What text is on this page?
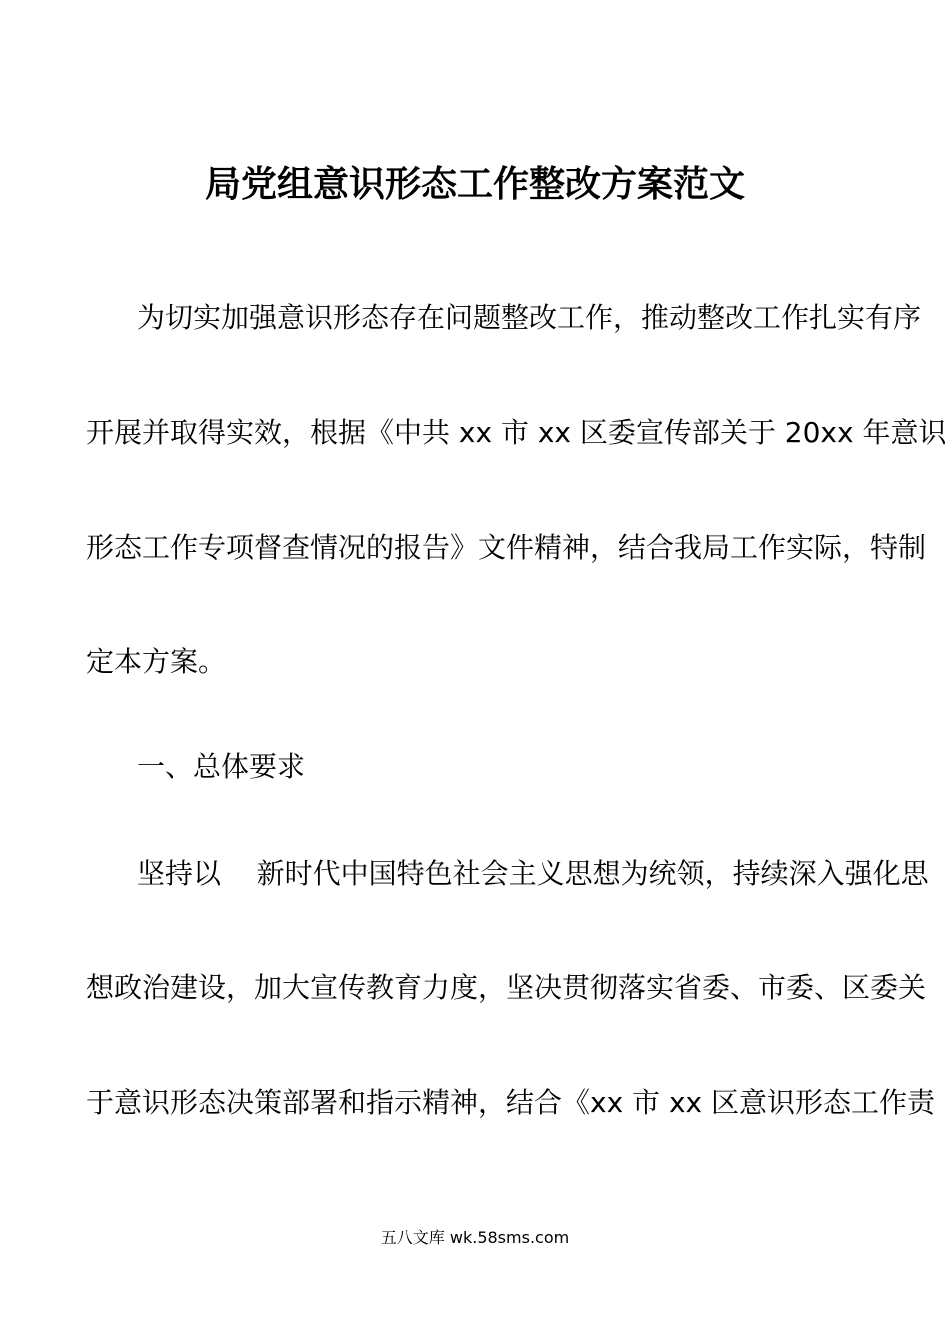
局党组意识形态工作整改方案范文
为切实加强意识形态存在问题整改工作，推动整改工作扎实有序
开展并取得实效，根据《中共 xx 市 xx 区委宣传部关于 20xx 年意识
形态工作专项督查情况的报告》文件精神，结合我局工作实际，特制
定本方案。
一、总体要求
坚持以    新时代中国特色社会主义思想为统领，持续深入强化思
想政治建设，加大宣传教育力度，坚决贯彻落实省委、市委、区委关
于意识形态决策部署和指示精神，结合《xx 市 xx 区意识形态工作责
五八文库 wk.58sms.com
